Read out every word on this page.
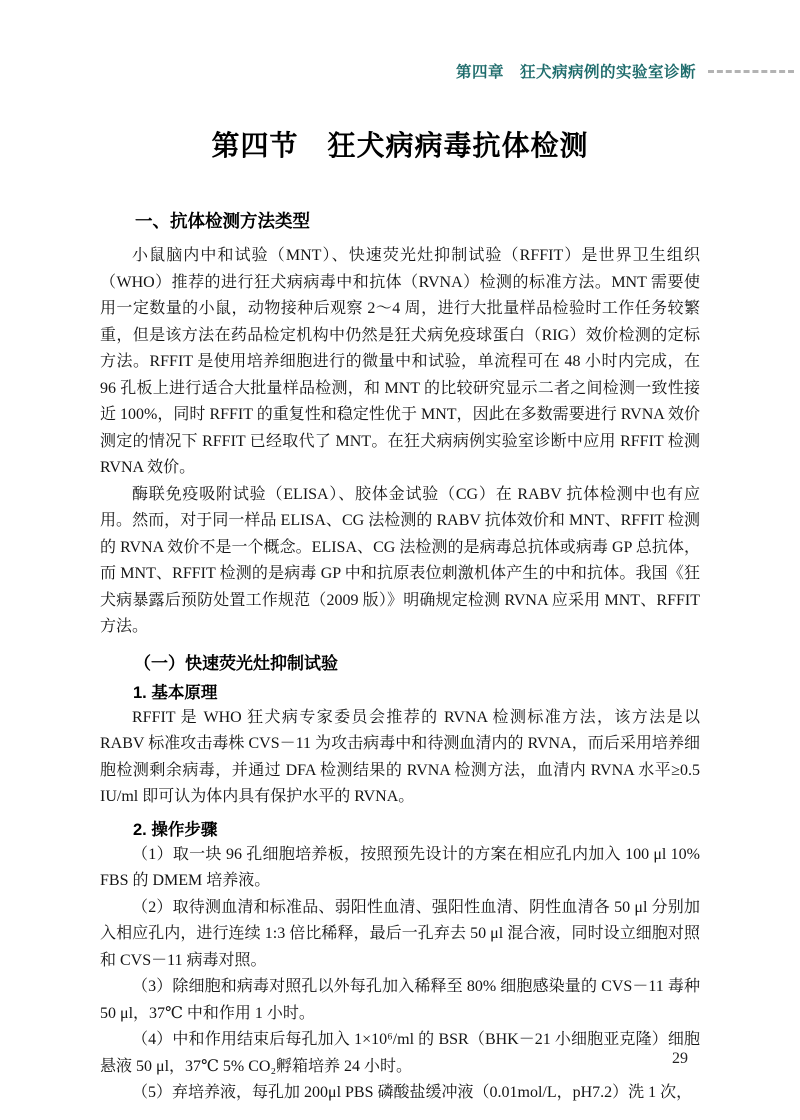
第四章　狂犬病病例的实验室诊断
第四节　狂犬病病毒抗体检测
一、抗体检测方法类型

小鼠脑内中和试验（MNT）、快速荧光灶抑制试验（RFFIT）是世界卫生组织（WHO）推荐的进行狂犬病病毒中和抗体（RVNA）检测的标准方法。MNT 需要使用一定数量的小鼠，动物接种后观察 2～4 周，进行大批量样品检验时工作任务较繁重，但是该方法在药品检定机构中仍然是狂犬病免疫球蛋白（RIG）效价检测的定标方法。RFFIT 是使用培养细胞进行的微量中和试验，单流程可在 48 小时内完成，在 96 孔板上进行适合大批量样品检测，和 MNT 的比较研究显示二者之间检测一致性接近 100%，同时 RFFIT 的重复性和稳定性优于 MNT，因此在多数需要进行 RVNA 效价测定的情况下 RFFIT 已经取代了 MNT。在狂犬病病例实验室诊断中应用 RFFIT 检测 RVNA 效价。

酶联免疫吸附试验（ELISA）、胶体金试验（CG）在 RABV 抗体检测中也有应用。然而，对于同一样品 ELISA、CG 法检测的 RABV 抗体效价和 MNT、RFFIT 检测的 RVNA 效价不是一个概念。ELISA、CG 法检测的是病毒总抗体或病毒 GP 总抗体，而 MNT、RFFIT 检测的是病毒 GP 中和抗原表位刺激机体产生的中和抗体。我国《狂犬病暴露后预防处置工作规范（2009 版）》明确规定检测 RVNA 应采用 MNT、RFFIT 方法。

（一）快速荧光灶抑制试验
1. 基本原理

RFFIT 是 WHO 狂犬病专家委员会推荐的 RVNA 检测标准方法，该方法是以 RABV 标准攻击毒株 CVS－11 为攻击病毒中和待测血清内的 RVNA，而后采用培养细胞检测剩余病毒，并通过 DFA 检测结果的 RVNA 检测方法，血清内 RVNA 水平≥0.5 IU/ml 即可认为体内具有保护水平的 RVNA。

2. 操作步骤

（1）取一块 96 孔细胞培养板，按照预先设计的方案在相应孔内加入 100 μl 10% FBS 的 DMEM 培养液。

（2）取待测血清和标准品、弱阳性血清、强阳性血清、阴性血清各 50 μl 分别加入相应孔内，进行连续 1:3 倍比稀释，最后一孔弃去 50 μl 混合液，同时设立细胞对照和 CVS－11 病毒对照。

（3）除细胞和病毒对照孔以外每孔加入稀释至 80% 细胞感染量的 CVS－11 毒种 50 μl，37℃ 中和作用 1 小时。

（4）中和作用结束后每孔加入 1×10⁶/ml 的 BSR（BHK－21 小细胞亚克隆）细胞悬液 50 μl，37℃ 5% CO₂孵箱培养 24 小时。

（5）弃培养液，每孔加 200μl PBS 磷酸盐缓冲液（0.01mol/L，pH7.2）洗 1 次，

29
